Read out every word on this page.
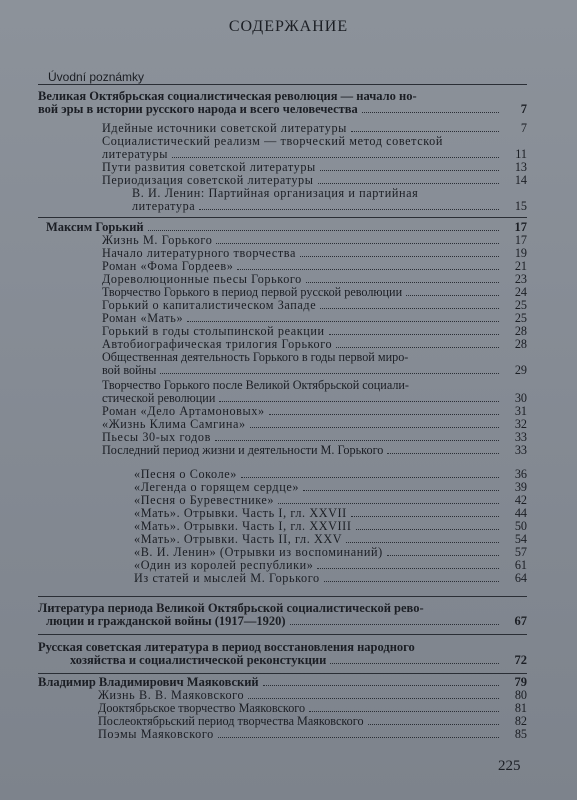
СОДЕРЖАНИЕ
Úvodní poznámky
Великая Октябрьская социалистическая революция — начало но-
вой эры в истории русского народа и всего человечества	7
Идейные источники советской литературы	7
Социалистический реализм — творческий метод советской
литературы	11
Пути развития советской литературы	13
Периодизация советской литературы	14
В. И. Ленин: Партийная организация и партийная
литература	15
Максим Горький	17
Жизнь М. Горького	17
Начало литературного творчества	19
Роман «Фома Гордеев»	21
Дореволюционные пьесы Горького	23
Творчество Горького в период первой русской революции	24
Горький о капиталистическом Западе	25
Роман «Мать»	25
Горький в годы столыпинской реакции	28
Автобиографическая трилогия Горького	28
Общественная деятельность Горького в годы первой миро-
вой войны	29
Творчество Горького после Великой Октябрьской социали-
стической революции	30
Роман «Дело Артамоновых»	31
«Жизнь Клима Самгина»	32
Пьесы 30-ых годов	33
Последний период жизни и деятельности М. Горького	33
«Песня о Соколе»	36
«Легенда о горящем сердце»	39
«Песня о Буревестнике»	42
«Мать». Отрывки. Часть I, гл. XXVII	44
«Мать». Отрывки. Часть I, гл. XXVIII	50
«Мать». Отрывки. Часть II, гл. XXV	54
«В. И. Ленин» (Отрывки из воспоминаний)	57
«Один из королей республики»	61
Из статей и мыслей М. Горького	64
Литература периода Великой Октябрьской социалистической рево-
люции и гражданской войны (1917—1920)	67
Русская советская литература в период восстановления народного
хозяйства и социалистической реконстукции	72
Владимир Владимирович Маяковский	79
Жизнь В. В. Маяковского	80
Дооктябрьское творчество Маяковского	81
Послеоктябрьский период творчества Маяковского	82
Поэмы Маяковского	85
225
